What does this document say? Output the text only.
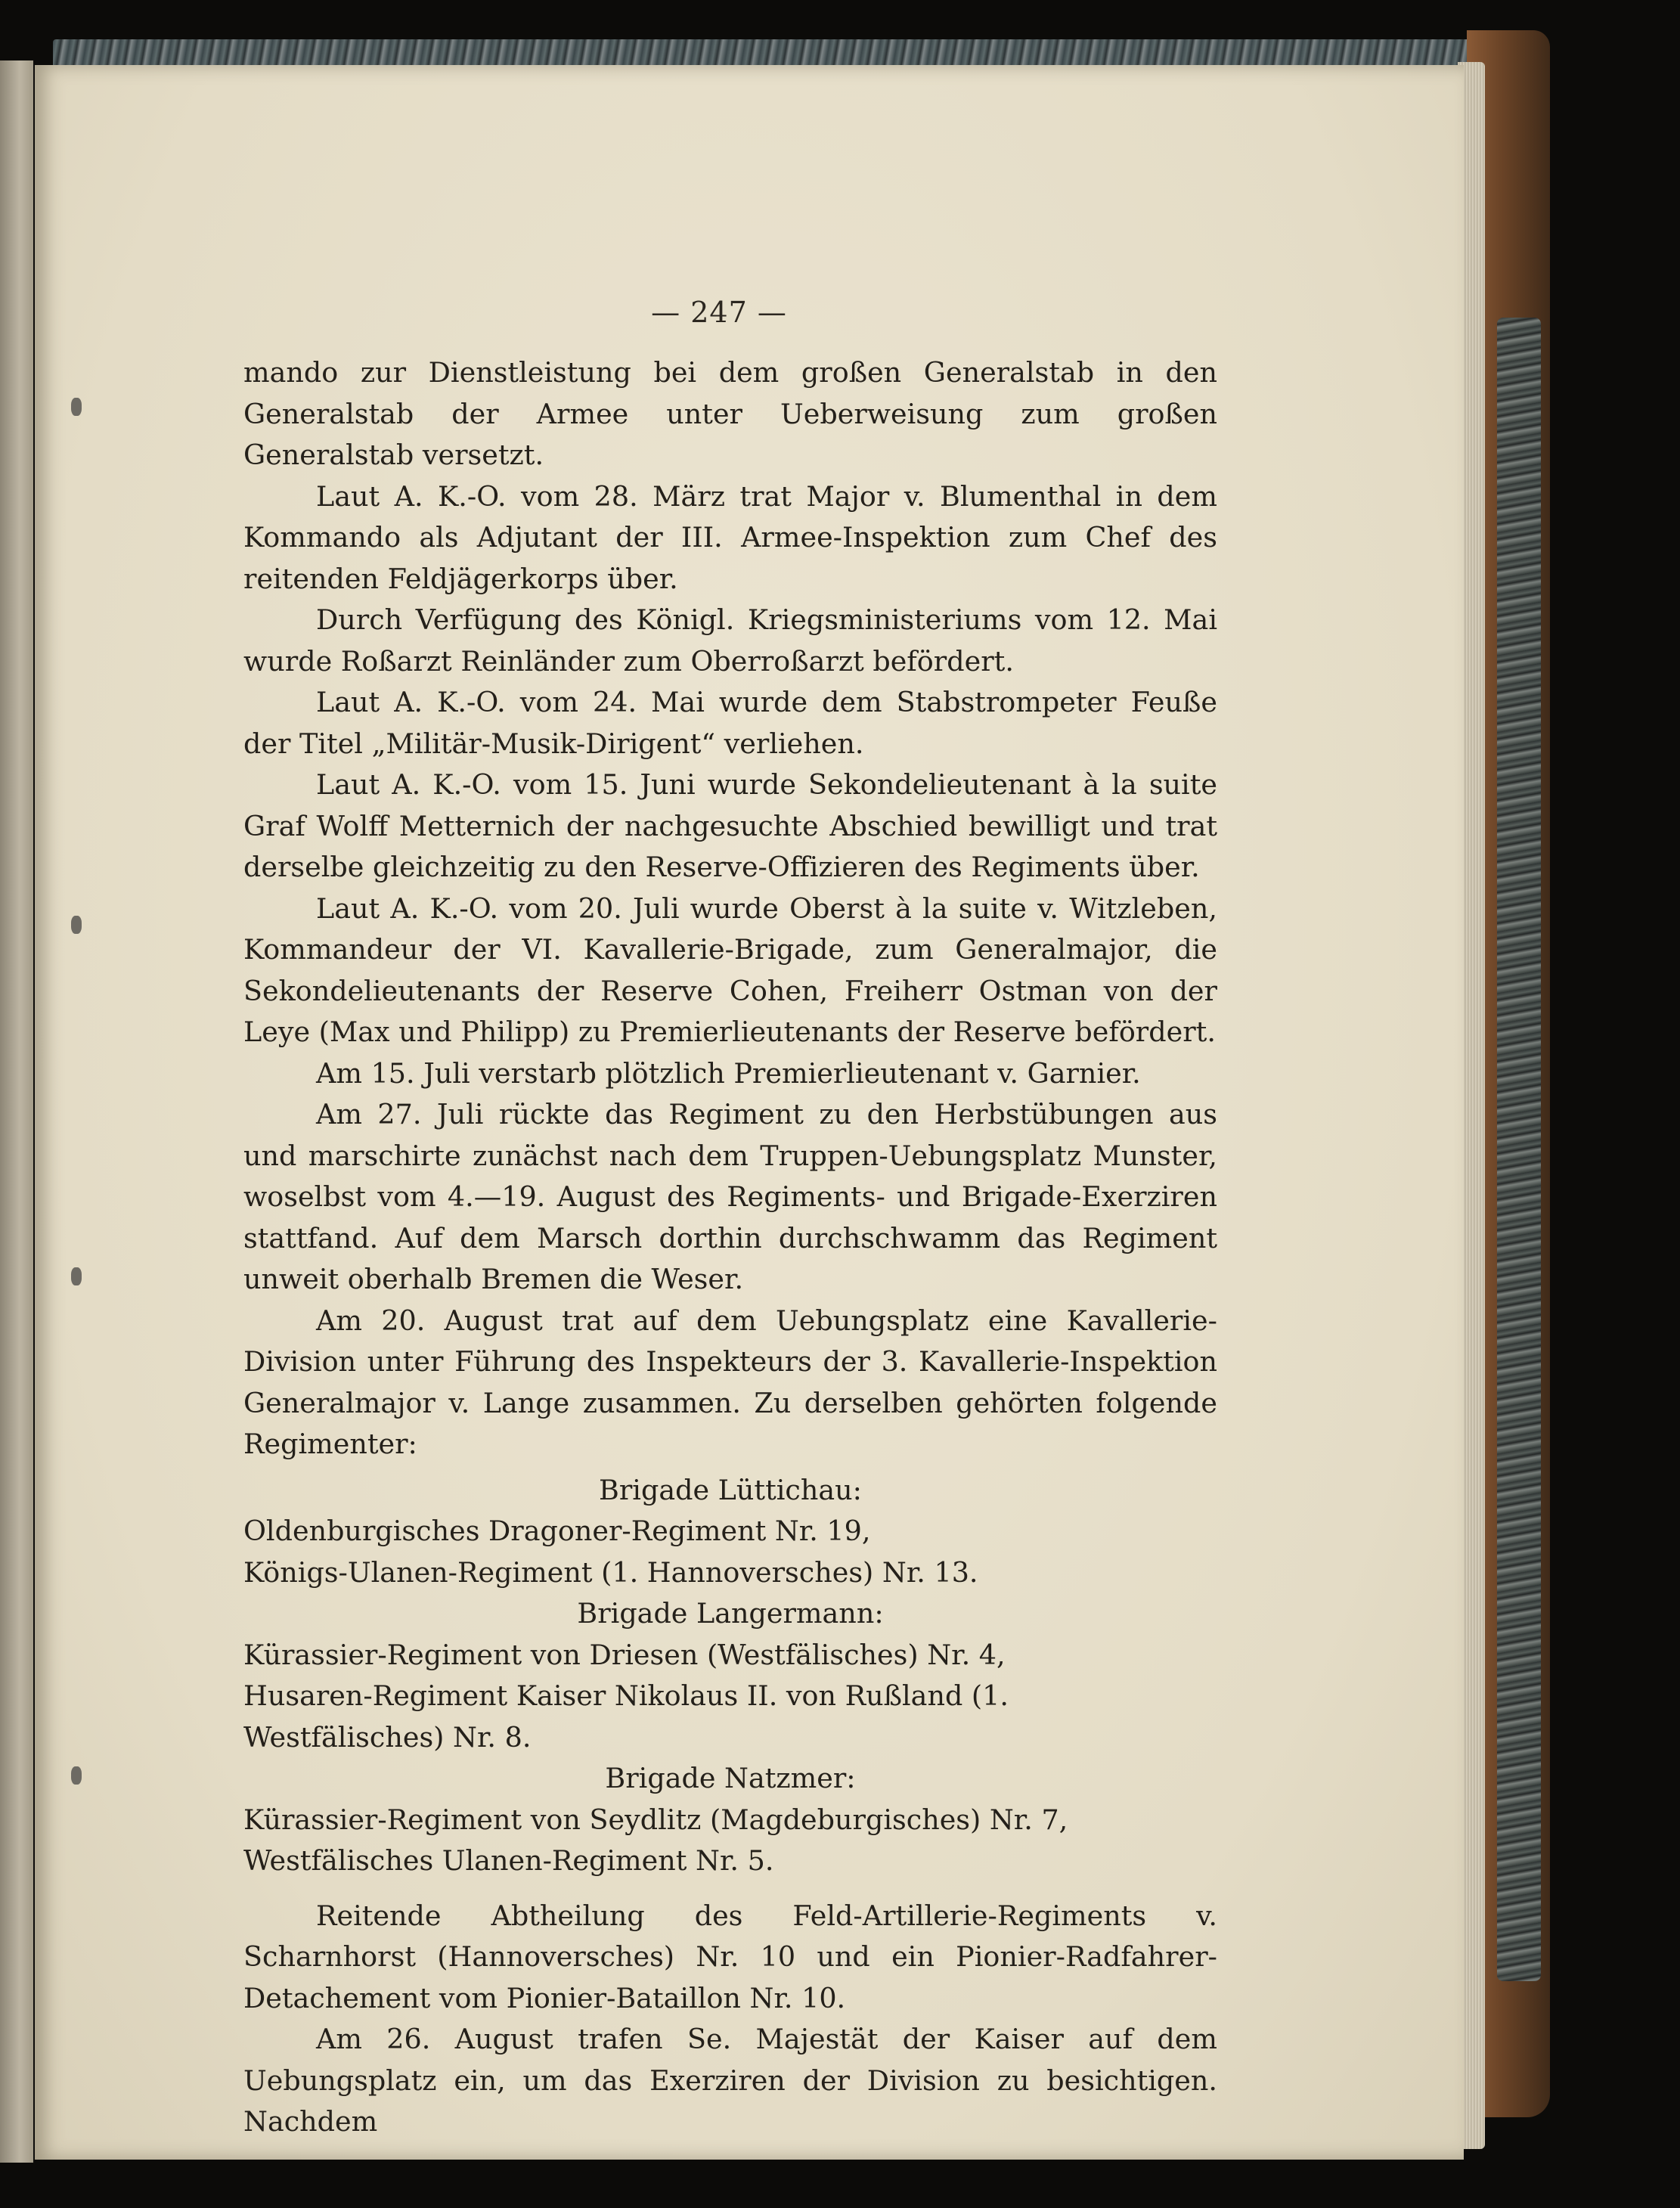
— 247 —

mando zur Dienstleistung bei dem großen Generalstab in den Generalstab der Armee unter Ueberweisung zum großen Generalstab versetzt.

Laut A. K.-O. vom 28. März trat Major v. Blumenthal in dem Kommando als Adjutant der III. Armee-Inspektion zum Chef des reitenden Feldjägerkorps über.

Durch Verfügung des Königl. Kriegsministeriums vom 12. Mai wurde Roßarzt Reinländer zum Oberroßarzt befördert.

Laut A. K.-O. vom 24. Mai wurde dem Stabstrompeter Feuße der Titel „Militär-Musik-Dirigent“ verliehen.

Laut A. K.-O. vom 15. Juni wurde Sekondelieutenant à la suite Graf Wolff Metternich der nachgesuchte Abschied bewilligt und trat derselbe gleichzeitig zu den Reserve-Offizieren des Regiments über.

Laut A. K.-O. vom 20. Juli wurde Oberst à la suite v. Witzleben, Kommandeur der VI. Kavallerie-Brigade, zum Generalmajor, die Sekondelieutenants der Reserve Cohen, Freiherr Ostman von der Leye (Max und Philipp) zu Premierlieutenants der Reserve befördert.

Am 15. Juli verstarb plötzlich Premierlieutenant v. Garnier.

Am 27. Juli rückte das Regiment zu den Herbstübungen aus und marschirte zunächst nach dem Truppen-Uebungsplatz Munster, woselbst vom 4.—19. August des Regiments- und Brigade-Exerziren stattfand. Auf dem Marsch dorthin durchschwamm das Regiment unweit oberhalb Bremen die Weser.

Am 20. August trat auf dem Uebungsplatz eine Kavallerie-Division unter Führung des Inspekteurs der 3. Kavallerie-Inspektion Generalmajor v. Lange zusammen. Zu derselben gehörten folgende Regimenter:

Brigade Lüttichau:

Oldenburgisches Dragoner-Regiment Nr. 19,

Königs-Ulanen-Regiment (1. Hannoversches) Nr. 13.

Brigade Langermann:

Kürassier-Regiment von Driesen (Westfälisches) Nr. 4,

Husaren-Regiment Kaiser Nikolaus II. von Rußland (1. Westfälisches) Nr. 8.

Brigade Natzmer:

Kürassier-Regiment von Seydlitz (Magdeburgisches) Nr. 7,

Westfälisches Ulanen-Regiment Nr. 5.

Reitende Abtheilung des Feld-Artillerie-Regiments v. Scharnhorst (Hannoversches) Nr. 10 und ein Pionier-Radfahrer-Detachement vom Pionier-Bataillon Nr. 10.

Am 26. August trafen Se. Majestät der Kaiser auf dem Uebungsplatz ein, um das Exerziren der Division zu besichtigen. Nachdem
